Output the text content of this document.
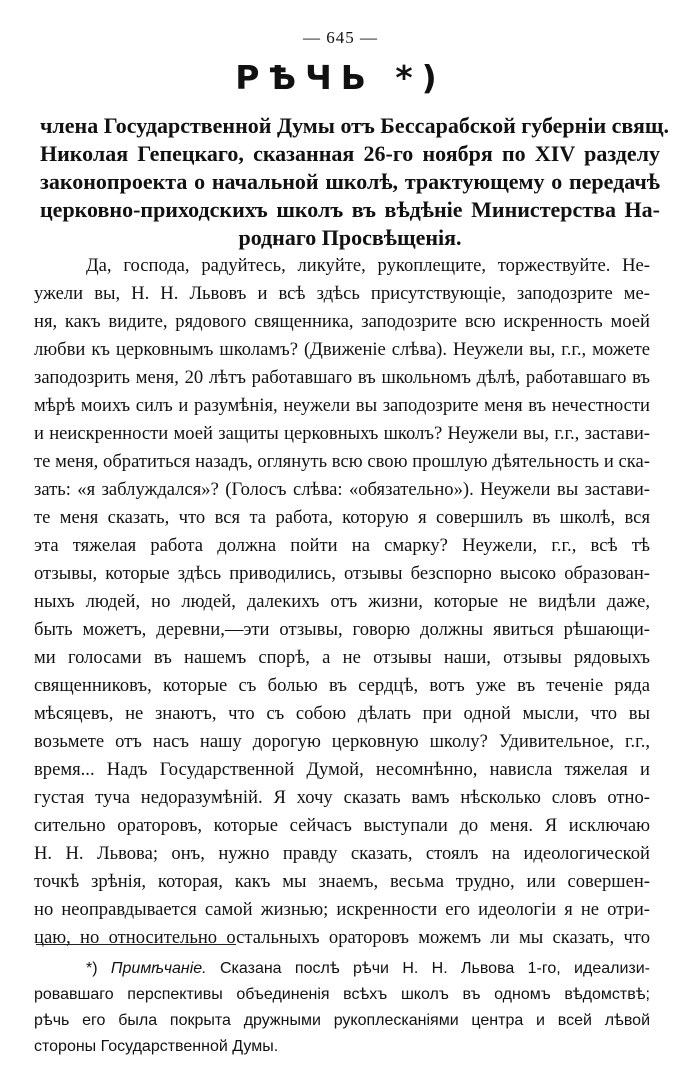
— 645 —
РѢЧЬ *)
члена Государственной Думы отъ Бессарабской губерніи свящ.
Николая Гепецкаго, сказанная 26-го ноября по XIV разделу
законопроекта о начальной школѣ, трактующему о передачѣ
церковно-приходскихъ школъ въ вѣдѣніе Министерства На-
роднаго Просвѣщенія.
Да, господа, радуйтесь, ликуйте, рукоплещите, торжествуйте. Не-
ужели вы, Н. Н. Львовъ и всѣ здѣсь присутствующіе, заподозрите ме-
ня, какъ видите, рядового священника, заподозрите всю искренность моей
любви къ церковнымъ школамъ? (Движеніе слѣва). Неужели вы, г.г., можете
заподозрить меня, 20 лѣтъ работавшаго въ школьномъ дѣлѣ, работавшаго въ
мѣрѣ моихъ силъ и разумѣнія, неужели вы заподозрите меня въ нечестности
и неискренности моей защиты церковныхъ школъ? Неужели вы, г.г., застави-
те меня, обратиться назадъ, оглянуть всю свою прошлую дѣятельность и ска-
зать: «я заблуждался»? (Голосъ слѣва: «обязательно»). Неужели вы застави-
те меня сказать, что вся та работа, которую я совершилъ въ школѣ, вся
эта тяжелая работа должна пойти на смарку? Неужели, г.г., всѣ тѣ
отзывы, которые здѣсь приводились, отзывы безспорно высоко образован-
ныхъ людей, но людей, далекихъ отъ жизни, которые не видѣли даже,
быть можетъ, деревни,—эти отзывы, говорю должны явиться рѣшающи-
ми голосами въ нашемъ спорѣ, а не отзывы наши, отзывы рядовыхъ
священниковъ, которые съ болью въ сердцѣ, вотъ уже въ теченіе ряда
мѣсяцевъ, не знаютъ, что съ собою дѣлать при одной мысли, что вы
возьмете отъ насъ нашу дорогую церковную школу? Удивительное, г.г.,
время... Надъ Государственной Думой, несомнѣнно, нависла тяжелая и
густая туча недоразумѣній. Я хочу сказать вамъ нѣсколько словъ отно-
сительно ораторовъ, которые сейчасъ выступали до меня. Я исключаю
Н. Н. Львова; онъ, нужно правду сказать, стоялъ на идеологической
точкѣ зрѣнія, которая, какъ мы знаемъ, весьма трудно, или совершен-
но неоправдывается самой жизнью; искренности его идеологіи я не отри-
цаю, но относительно остальныхъ ораторовъ можемъ ли мы сказать, что
*) Примѣчаніе. Сказана послѣ рѣчи Н. Н. Львова 1-го, идеализи-
ровавшаго перспективы объединенія всѣхъ школъ въ одномъ вѣдомствѣ;
рѣчь его была покрыта дружными рукоплесканіями центра и всей лѣвой
стороны Государственной Думы.
